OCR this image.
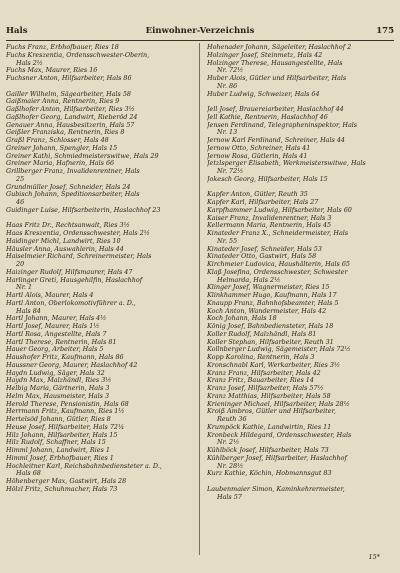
Hals	Einwohner-Verzeichnis	175

Fuchs Franz, Erbhofbauer, Ries 18

Fuchs Kreszentia, Ordensschwester-Oberin,

Hals 2½

Fuchs Max, Maurer, Ries 16

Fuchsner Anton, Hilfsarbeiter, Hals 86

Gailler Wilhelm, Sägearbeiter, Hals 58

Gaißmaier Anna, Rentnerin, Ries 9

Gaßlhofer Anton, Hilfsarbeiter, Ries 3½

Gaßlhofer Georg, Landwirt, Rieberöd 24

Genauer Anna, Hausbesitzerin, Hals 57

Geißler Franziska, Rentnerin, Ries 8

Graßl Franz, Schlosser, Hals 48

Greiner Johann, Spengler, Hals 15

Greiner Kathi, Schmiedmeisterswitwe, Hals 29

Greiner Maria, Hafnerin, Hals 66

Grillberger Franz, Invalidenrentner, Hals

25

Grundmüller Josef, Schneider, Hals 24

Gubisch Johann, Speditionsarbeiter, Hals

46

Guidinger Luise, Hilfsarbeiterin, Haslachhof 23

Haas Fritz Dr., Rechtsanwalt, Ries 3½

Haas Kreszentia, Ordensschwester, Hals 2½

Haidinger Michl, Landwirt, Ries 10

Häusler Anna, Auswahlerin, Hals 44

Haiselmeier Richard, Schreinermeister, Hals

20

Haizinger Rudolf, Hilfsmaurer, Hals 47

Harlinger Greti, Hausgehilfin, Haslachhof

Nr. 1

Hartl Alois, Maurer, Hals 4

Hartl Anton, Oberlokomotivführer a. D.,

Hals 84

Hartl Johann, Maurer, Hals 4½

Hartl Josef, Maurer, Hals 1½

Hartl Rosa, Angestellte, Hals 7

Hartl Therese, Rentnerin, Hals 81

Hauer Georg, Arbeiter, Hals 5

Haushofer Fritz, Kaufmann, Hals 86

Haussner Georg, Maurer, Haslachhof 42

Haydn Ludwig, Säger, Hals 32

Haydn Max, Malzhändl, Ries 3½

Helbig Maria, Gärtnerin, Hals 3

Helm Max, Hausmeister, Hals 3

Herold Therese, Pensionistin, Hals 68

Herrmann Fritz, Kaufmann, Ries 1½

Hertelsöd Johann, Gütler, Ries 8

Heuse Josef, Hilfsarbeiter, Hals 72¼

Hilz Johann, Hilfsarbeiter, Hals 15

Hilz Rudolf, Schaffner, Hals 15

Himml Johann, Landwirt, Ries 1

Himml Josef, Erbhofbauer, Ries 1

Hochleitner Karl, Reichsbahnbediensteter a. D.,

Hals 68

Höhenberger Max, Gastwirt, Hals 28

Hölzl Fritz, Schuhmacher, Hals 73

Hohenader Johann, Sägeleiter, Haslachhof 2

Holzinger Josef, Steinmetz, Hals 42

Holzinger Therese, Hausangestellte, Hals

Nr. 72½

Huber Alois, Gütler und Hilfsarbeiter, Hals

Nr. 86

Huber Ludwig, Schweizer, Hals 64

Jell Josef, Brauereiarbeiter, Haslachhof 44

Jell Kathie, Rentnerin, Haslachhof 46

Jensen Ferdinand, Telegrapheninspektor, Hals

Nr. 13

Jernow Karl Ferdinand, Schreiner, Hals 44

Jernow Otto, Schreiner, Hals 41

Jernow Rosa, Gütlerin, Hals 41

Jetzlsperger Elisabeth, Werkmeisterswitwe, Hals

Nr. 72½

Jokesch Georg, Hilfsarbeiter, Hals 15

Kapfer Anton, Gütler, Reuth 35

Kapfer Karl, Hilfsarbeiter, Hals 27

Karpfhammer Ludwig, Hilfsarbeiter, Hals 60

Kaiser Franz, Invalidenrentner, Hals 3

Kellermann Maria, Rentnerin, Hals 45

Kinateder Franz X., Schneidermeister, Hals

Nr. 55

Kinateder Josef, Schneider, Hals 53

Kinateder Otto, Gastwirt, Hals 58

Kirchmeier Ludovica, Haushälterin, Hals 65

Klaß Josefina, Ordensschwester, Schwester

Helmarda, Hals 2½

Klinger Josef, Wagnermeister, Ries 15

Klinkhammer Hugo, Kaufmann, Hals 17

Knaupp Franz, Bahnhofsbeamter, Hals 5

Koch Anton, Wandermeister, Hals 42

Koch Johann, Hals 18

König Josef, Bahnbediensteter, Hals 18

Koller Rudolf, Malzhändl, Hals 81

Koller Stephan, Hilfsarbeiter, Reuth 31

Kollnberger Ludwig, Sägemeister, Hals 72½

Kopp Karolina, Rentnerin, Hals 3

Kronschnabl Karl, Werkarbeiter, Ries 3½

Kranz Franz, Hilfsarbeiter, Hals 42

Kranz Fritz, Bauarbeiter, Ries 14

Kranz Josef, Hilfsarbeiter, Hals 57½

Kranz Matthias, Hilfsarbeiter, Hals 58

Krieninger Michael, Hilfsarbeiter, Hals 28½

Kroiß Ambros, Gütler und Hilfsarbeiter,

Reuth 36

Krumpöck Kathie, Landwirtin, Ries 11

Kronbeck Hildegard, Ordensschwester, Hals

Nr. 2½

Kühlböck Josef, Hilfsarbeiter, Hals 73

Kühlberger Josef, Hilfsarbeiter, Haslachhof

Nr. 28½

Kurz Kathie, Köchin, Hobmannsgut 83

Laubenmaier Simon, Kaminkehrermeister,

Hals 57

15*
